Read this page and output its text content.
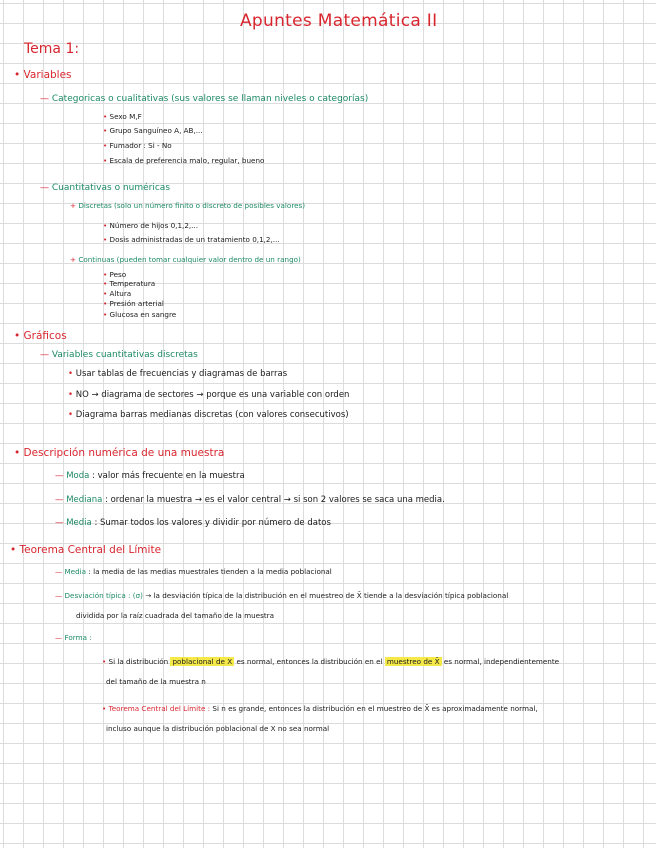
Apuntes Matemática II
Tema 1:
• Variables
— Categoricas o cualitativas (sus valores se llaman niveles o categorías)
• Sexo M,F
• Grupo Sanguíneo A, AB,...
• Fumador : Si - No
• Escala de preferencia malo, regular, bueno
— Cuantitativas o numéricas
+ Discretas (solo un número finito o discreto de posibles valores)
• Número de hijos 0,1,2,...
• Dosis administradas de un tratamiento 0,1,2,...
+ Continuas (pueden tomar cualquier valor dentro de un rango)
• Peso
• Temperatura
• Altura
• Presión arterial
• Glucosa en sangre
• Gráficos
— Variables cuantitativas discretas
• Usar tablas de frecuencias y diagramas de barras
• NO → diagrama de sectores → porque es una variable con orden
• Diagrama barras medianas discretas (con valores consecutivos)
• Descripción numérica de una muestra
— Moda : valor más frecuente en la muestra
— Mediana : ordenar la muestra → es el valor central → si son 2 valores se saca una media.
— Media : Sumar todos los valores y dividir por número de datos
• Teorema Central del Límite
— Media : la media de las medias muestrales tienden a la media poblacional
— Desviación típica : (σ) → la desviación típica de la distribución en el muestreo de X̄ tiende a la desviación típica poblacional
dividida por la raíz cuadrada del tamaño de la muestra
— Forma :
• Si la distribución poblacional de X es normal, entonces la distribución en el muestreo de X̄ es normal, independientemente
del tamaño de la muestra n
• Teorema Central del Límite : Si n es grande, entonces la distribución en el muestreo de X̄ es aproximadamente normal,
incluso aunque la distribución poblacional de X no sea normal
